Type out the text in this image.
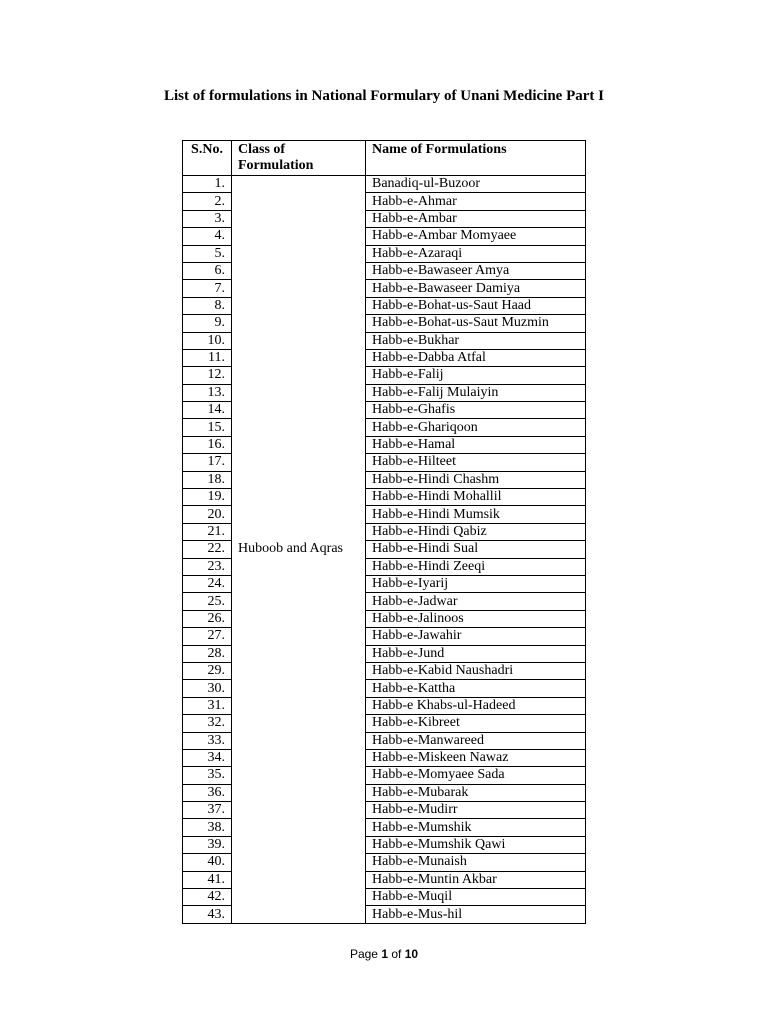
List of formulations in National Formulary of Unani Medicine Part I
S.No.	Class of Formulation	Name of Formulations
1.	Huboob and Aqras	Banadiq-ul-Buzoor
2.		Habb-e-Ahmar
3.		Habb-e-Ambar
4.		Habb-e-Ambar Momyaee
5.		Habb-e-Azaraqi
6.		Habb-e-Bawaseer Amya
7.		Habb-e-Bawaseer Damiya
8.		Habb-e-Bohat-us-Saut Haad
9.		Habb-e-Bohat-us-Saut Muzmin
10.		Habb-e-Bukhar
11.		Habb-e-Dabba Atfal
12.		Habb-e-Falij
13.		Habb-e-Falij Mulaiyin
14.		Habb-e-Ghafis
15.		Habb-e-Ghariqoon
16.		Habb-e-Hamal
17.		Habb-e-Hilteet
18.		Habb-e-Hindi Chashm
19.		Habb-e-Hindi Mohallil
20.		Habb-e-Hindi Mumsik
21.		Habb-e-Hindi Qabiz
22.		Habb-e-Hindi Sual
23.		Habb-e-Hindi Zeeqi
24.		Habb-e-Iyarij
25.		Habb-e-Jadwar
26.		Habb-e-Jalinoos
27.		Habb-e-Jawahir
28.		Habb-e-Jund
29.		Habb-e-Kabid Naushadri
30.		Habb-e-Kattha
31.		Habb-e Khabs-ul-Hadeed
32.		Habb-e-Kibreet
33.		Habb-e-Manwareed
34.		Habb-e-Miskeen Nawaz
35.		Habb-e-Momyaee Sada
36.		Habb-e-Mubarak
37.		Habb-e-Mudirr
38.		Habb-e-Mumshik
39.		Habb-e-Mumshik Qawi
40.		Habb-e-Munaish
41.		Habb-e-Muntin Akbar
42.		Habb-e-Muqil
43.		Habb-e-Mus-hil
Page 1 of 10
